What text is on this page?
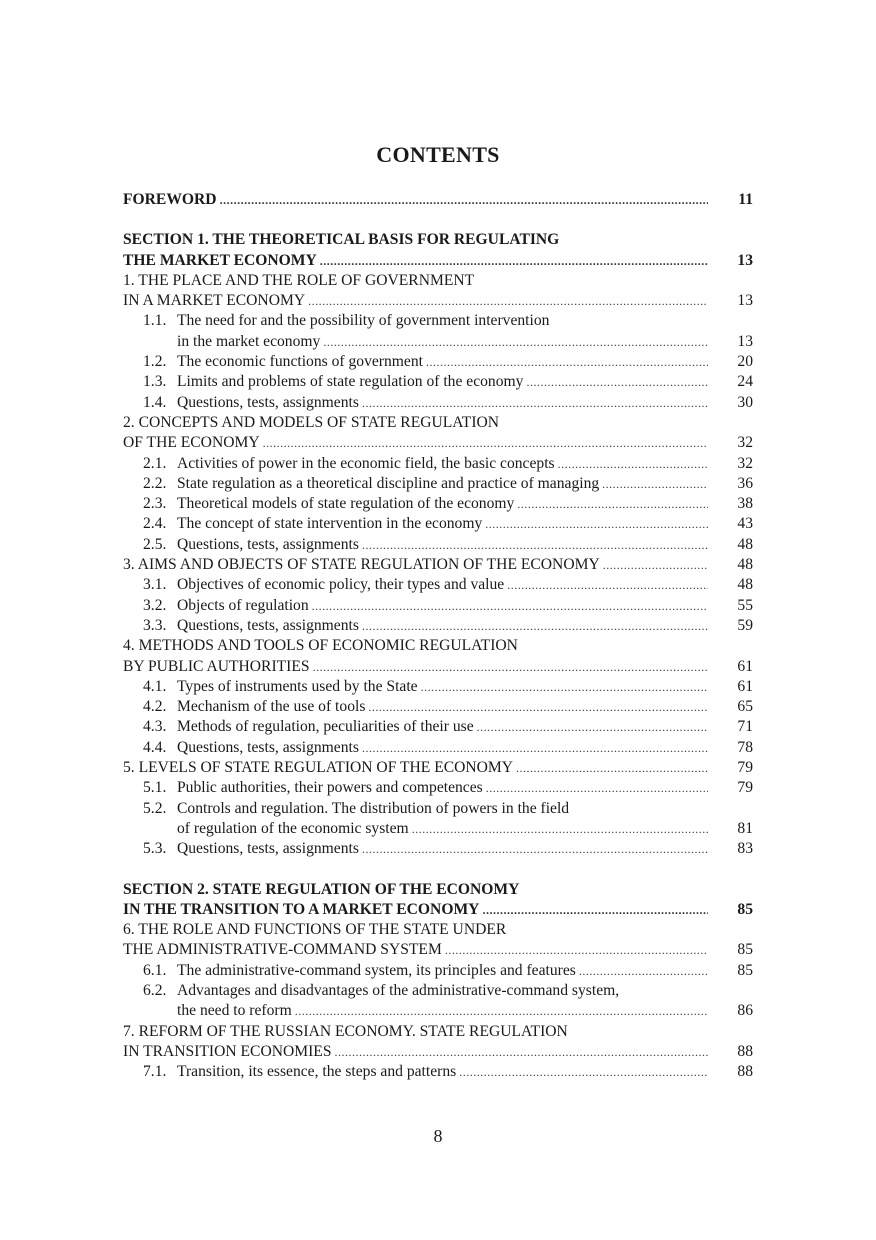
CONTENTS
FOREWORD .....	11
SECTION 1. THE THEORETICAL BASIS FOR REGULATING
THE MARKET ECONOMY .....	13
1. THE PLACE AND THE ROLE OF GOVERNMENT
IN A MARKET ECONOMY .....	13
1.1. The need for and the possibility of government intervention
in the market economy .....	13
1.2. The economic functions of government .....	20
1.3. Limits and problems of state regulation of the economy .....	24
1.4. Questions, tests, assignments .....	30
2. CONCEPTS AND MODELS OF STATE REGULATION
OF THE ECONOMY .....	32
2.1. Activities of power in the economic field, the basic concepts .....	32
2.2. State regulation as a theoretical discipline and practice of managing .....	36
2.3. Theoretical models of state regulation of the economy .....	38
2.4. The concept of state intervention in the economy .....	43
2.5. Questions, tests, assignments .....	48
3. AIMS AND OBJECTS OF STATE REGULATION OF THE ECONOMY .....	48
3.1. Objectives of economic policy, their types and value .....	48
3.2. Objects of regulation .....	55
3.3. Questions, tests, assignments .....	59
4. METHODS AND TOOLS OF ECONOMIC REGULATION
BY PUBLIC AUTHORITIES .....	61
4.1. Types of instruments used by the State .....	61
4.2. Mechanism of the use of tools .....	65
4.3. Methods of regulation, peculiarities of their use .....	71
4.4. Questions, tests, assignments .....	78
5. LEVELS OF STATE REGULATION OF THE ECONOMY .....	79
5.1. Public authorities, their powers and competences .....	79
5.2. Controls and regulation. The distribution of powers in the field
of regulation of the economic system .....	81
5.3. Questions, tests, assignments .....	83
SECTION 2. STATE REGULATION OF THE ECONOMY
IN THE TRANSITION TO A MARKET ECONOMY .....	85
6. THE ROLE AND FUNCTIONS OF THE STATE UNDER
THE ADMINISTRATIVE-COMMAND SYSTEM .....	85
6.1. The administrative-command system, its principles and features .....	85
6.2. Advantages and disadvantages of the administrative-command system,
the need to reform .....	86
7. REFORM OF THE RUSSIAN ECONOMY. STATE REGULATION
IN TRANSITION ECONOMIES .....	88
7.1. Transition, its essence, the steps and patterns .....	88
8
